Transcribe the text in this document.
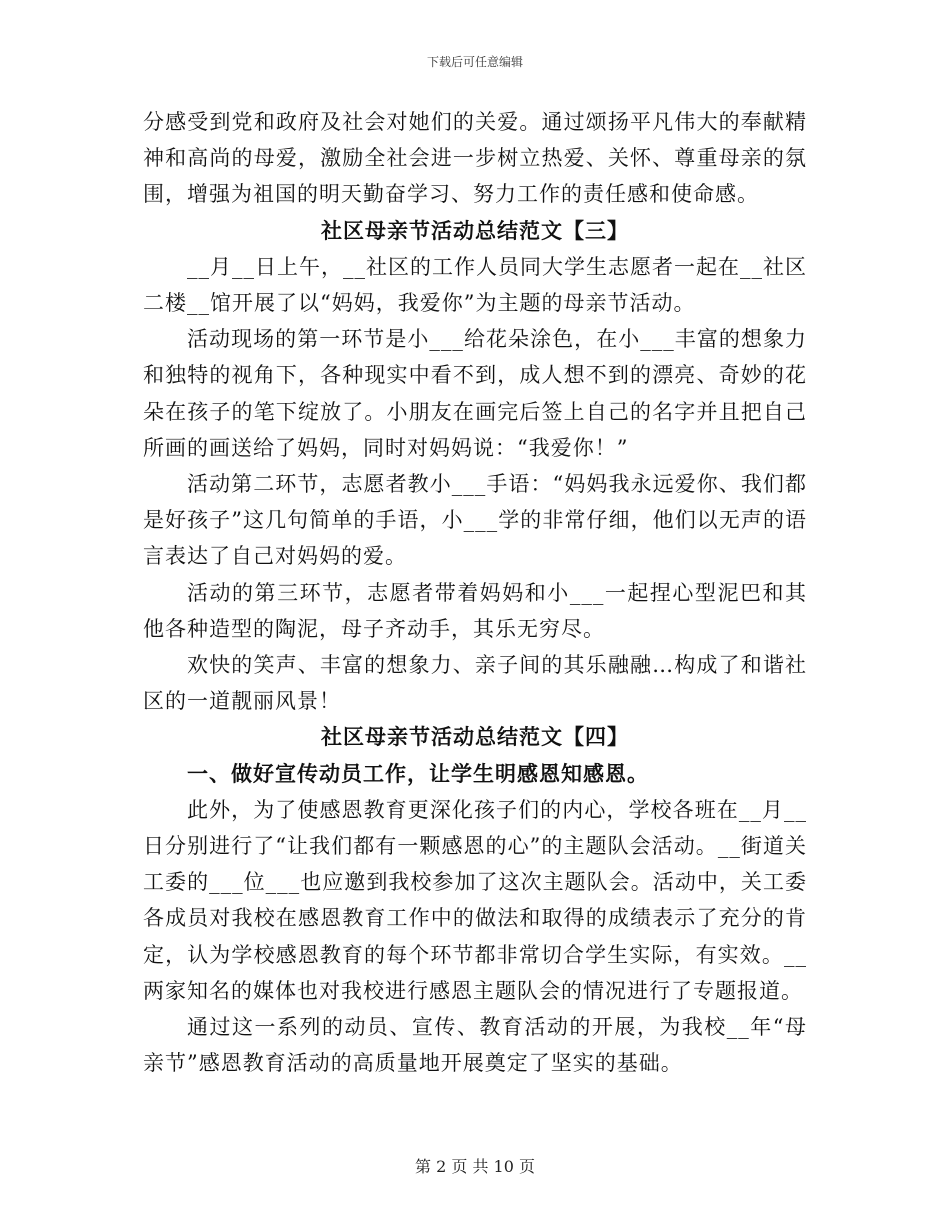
下载后可任意编辑

分感受到党和政府及社会对她们的关爱。通过颂扬平凡伟大的奉献精神和高尚的母爱，激励全社会进一步树立热爱、关怀、尊重母亲的氛围，增强为祖国的明天勤奋学习、努力工作的责任感和使命感。

社区母亲节活动总结范文【三】

__月__日上午，__社区的工作人员同大学生志愿者一起在__社区二楼__馆开展了以“妈妈，我爱你”为主题的母亲节活动。

活动现场的第一环节是小___给花朵涂色，在小___丰富的想象力和独特的视角下，各种现实中看不到，成人想不到的漂亮、奇妙的花朵在孩子的笔下绽放了。小朋友在画完后签上自己的名字并且把自己所画的画送给了妈妈，同时对妈妈说：“我爱你！”

活动第二环节，志愿者教小___手语：“妈妈我永远爱你、我们都是好孩子”这几句简单的手语，小___学的非常仔细，他们以无声的语言表达了自己对妈妈的爱。

活动的第三环节，志愿者带着妈妈和小___一起捏心型泥巴和其他各种造型的陶泥，母子齐动手，其乐无穷尽。

欢快的笑声、丰富的想象力、亲子间的其乐融融…构成了和谐社区的一道靓丽风景！

社区母亲节活动总结范文【四】

一、做好宣传动员工作，让学生明感恩知感恩。

此外，为了使感恩教育更深化孩子们的内心，学校各班在__月__日分别进行了“让我们都有一颗感恩的心”的主题队会活动。__街道关工委的___位___也应邀到我校参加了这次主题队会。活动中，关工委各成员对我校在感恩教育工作中的做法和取得的成绩表示了充分的肯定，认为学校感恩教育的每个环节都非常切合学生实际，有实效。__两家知名的媒体也对我校进行感恩主题队会的情况进行了专题报道。

通过这一系列的动员、宣传、教育活动的开展，为我校__年“母亲节”感恩教育活动的高质量地开展奠定了坚实的基础。

第 2 页 共 10 页
